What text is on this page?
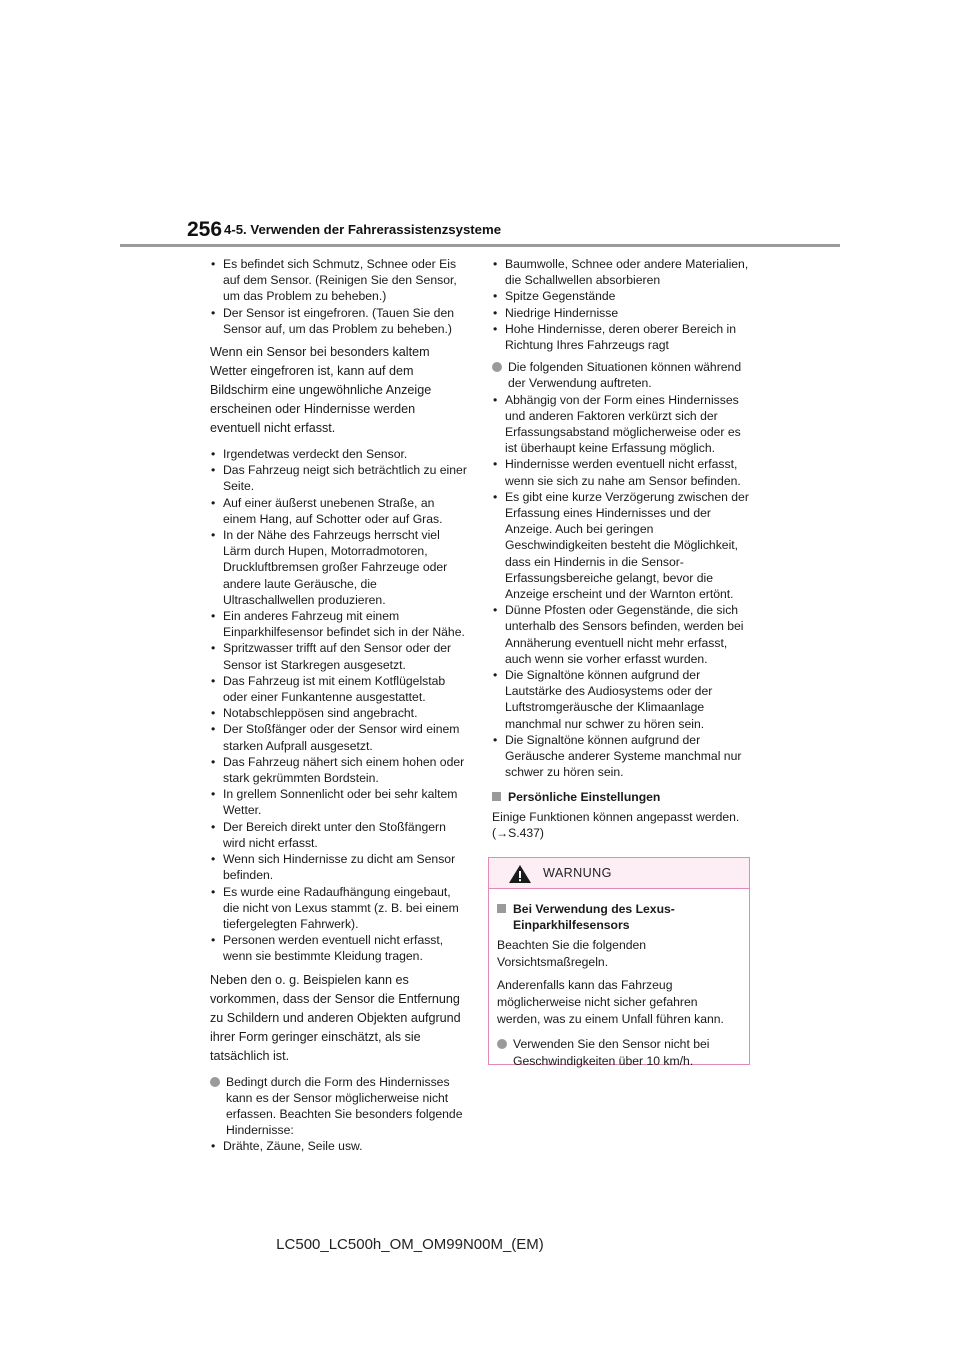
256 4-5. Verwenden der Fahrerassistenzsysteme
• Es befindet sich Schmutz, Schnee oder Eis auf dem Sensor. (Reinigen Sie den Sensor, um das Problem zu beheben.)
• Der Sensor ist eingefroren. (Tauen Sie den Sensor auf, um das Problem zu beheben.)

Wenn ein Sensor bei besonders kaltem Wetter eingefroren ist, kann auf dem Bildschirm eine ungewöhnliche Anzeige erscheinen oder Hindernisse werden eventuell nicht erfasst.

• Irgendetwas verdeckt den Sensor.
• Das Fahrzeug neigt sich beträchtlich zu einer Seite.
• Auf einer äußerst unebenen Straße, an einem Hang, auf Schotter oder auf Gras.
• In der Nähe des Fahrzeugs herrscht viel Lärm durch Hupen, Motorradmotoren, Druckluftbremsen großer Fahrzeuge oder andere laute Geräusche, die Ultraschallwellen produzieren.
• Ein anderes Fahrzeug mit einem Einparkhilfesensor befindet sich in der Nähe.
• Spritzwasser trifft auf den Sensor oder der Sensor ist Starkregen ausgesetzt.
• Das Fahrzeug ist mit einem Kotflügelstab oder einer Funkantenne ausgestattet.
• Notabschleppösen sind angebracht.
• Der Stoßfänger oder der Sensor wird einem starken Aufprall ausgesetzt.
• Das Fahrzeug nähert sich einem hohen oder stark gekrümmten Bordstein.
• In grellem Sonnenlicht oder bei sehr kaltem Wetter.
• Der Bereich direkt unter den Stoßfängern wird nicht erfasst.
• Wenn sich Hindernisse zu dicht am Sensor befinden.
• Es wurde eine Radaufhängung eingebaut, die nicht von Lexus stammt (z. B. bei einem tiefergelegten Fahrwerk).
• Personen werden eventuell nicht erfasst, wenn sie bestimmte Kleidung tragen.

Neben den o. g. Beispielen kann es vorkommen, dass der Sensor die Entfernung zu Schildern und anderen Objekten aufgrund ihrer Form geringer einschätzt, als sie tatsächlich ist.

Bedingt durch die Form des Hindernisses kann es der Sensor möglicherweise nicht erfassen. Beachten Sie besonders folgende Hindernisse:
• Drähte, Zäune, Seile usw.
• Baumwolle, Schnee oder andere Materialien, die Schallwellen absorbieren
• Spitze Gegenstände
• Niedrige Hindernisse
• Hohe Hindernisse, deren oberer Bereich in Richtung Ihres Fahrzeugs ragt
Die folgenden Situationen können während der Verwendung auftreten.
• Abhängig von der Form eines Hindernisses und anderen Faktoren verkürzt sich der Erfassungsabstand möglicherweise oder es ist überhaupt keine Erfassung möglich.
• Hindernisse werden eventuell nicht erfasst, wenn sie sich zu nahe am Sensor befinden.
• Es gibt eine kurze Verzögerung zwischen der Erfassung eines Hindernisses und der Anzeige. Auch bei geringen Geschwindigkeiten besteht die Möglichkeit, dass ein Hindernis in die Sensor-Erfassungsbereiche gelangt, bevor die Anzeige erscheint und der Warnton ertönt.
• Dünne Pfosten oder Gegenstände, die sich unterhalb des Sensors befinden, werden bei Annäherung eventuell nicht mehr erfasst, auch wenn sie vorher erfasst wurden.
• Die Signaltöne können aufgrund der Lautstärke des Audiosystems oder der Luftstromgeräusche der Klimaanlage manchmal nur schwer zu hören sein.
• Die Signaltöne können aufgrund der Geräusche anderer Systeme manchmal nur schwer zu hören sein.
Persönliche Einstellungen
Einige Funktionen können angepasst werden.
(→S.437)
WARNUNG
Bei Verwendung des Lexus-Einparkhilfesensors

Beachten Sie die folgenden Vorsichtsmaßregeln.

Anderenfalls kann das Fahrzeug möglicherweise nicht sicher gefahren werden, was zu einem Unfall führen kann.

Verwenden Sie den Sensor nicht bei Geschwindigkeiten über 10 km/h.
LC500_LC500h_OM_OM99N00M_(EM)
